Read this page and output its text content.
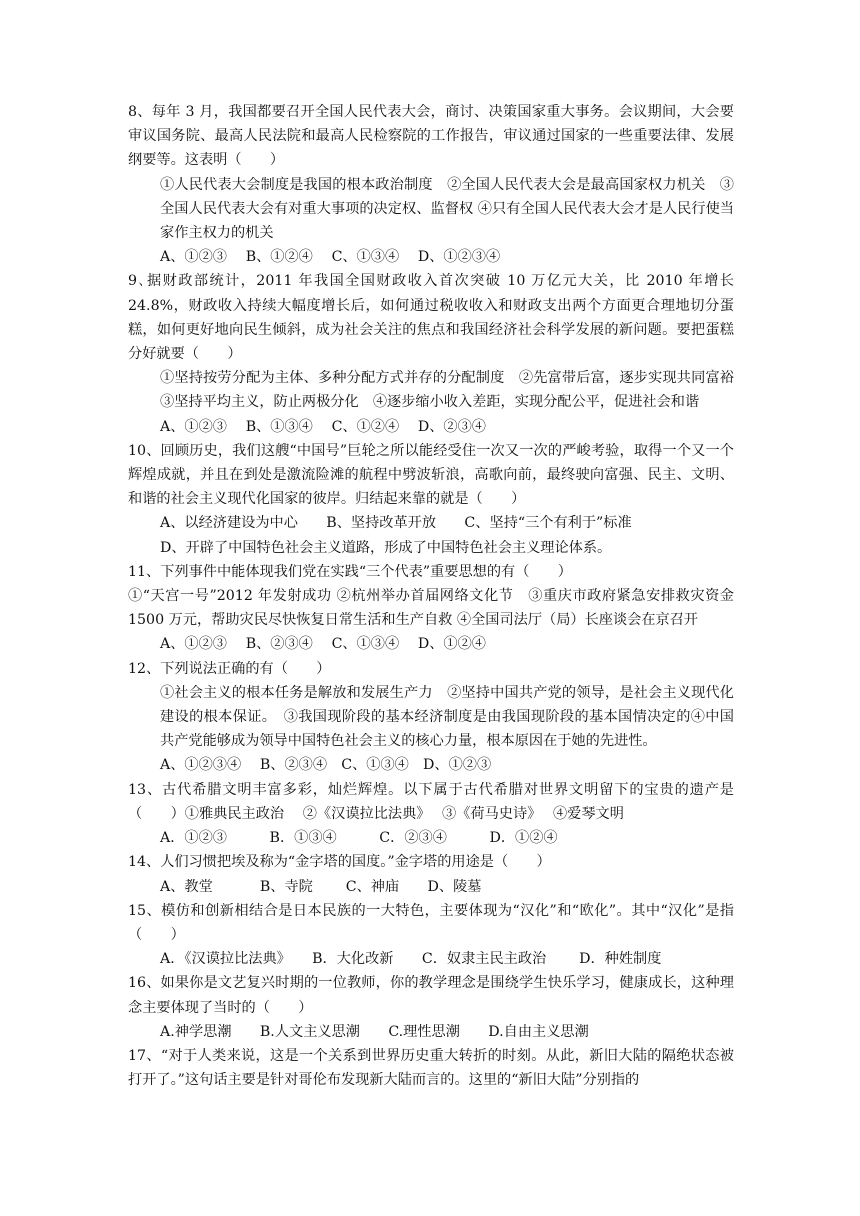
8、每年 3 月，我国都要召开全国人民代表大会，商讨、决策国家重大事务。会议期间，大会要审议国务院、最高人民法院和最高人民检察院的工作报告，审议通过国家的一些重要法律、发展纲要等。这表明（　　）

①人民代表大会制度是我国的根本政治制度　②全国人民代表大会是最高国家权力机关　③全国人民代表大会有对重大事项的决定权、监督权 ④只有全国人民代表大会才是人民行使当家作主权力的机关

A、①②③　 B、①②④　 C、①③④　 D、①②③④

9､据财政部统计，2011 年我国全国财政收入首次突破 10 万亿元大关，比 2010 年增长 24.8%，财政收入持续大幅度增长后，如何通过税收收入和财政支出两个方面更合理地切分蛋糕，如何更好地向民生倾斜，成为社会关注的焦点和我国经济社会科学发展的新问题。要把蛋糕分好就要（　　）

①坚持按劳分配为主体、多种分配方式并存的分配制度　②先富带后富，逐步实现共同富裕　③坚持平均主义，防止两极分化　④逐步缩小收入差距，实现分配公平，促进社会和谐

A、①②③　 B、①③④　 C、①②④　 D、②③④

10、回顾历史，我们这艘“中国号”巨轮之所以能经受住一次又一次的严峻考验，取得一个又一个辉煌成就，并且在到处是激流险滩的航程中劈波斩浪，高歌向前，最终驶向富强、民主、文明、和谐的社会主义现代化国家的彼岸。归结起来靠的就是（　　）

A、以经济建设为中心　　B、坚持改革开放　　C、坚持“三个有利于”标准

D、开辟了中国特色社会主义道路，形成了中国特色社会主义理论体系。

11、下列事件中能体现我们党在实践“三个代表”重要思想的有（　　）

①“天宫一号”2012 年发射成功 ②杭州举办首届网络文化节　③重庆市政府紧急安排救灾资金 1500 万元，帮助灾民尽快恢复日常生活和生产自救 ④全国司法厅（局）长座谈会在京召开

A、①②③　 B、②③④　 C、①③④　 D、①②④

12、下列说法正确的有（　　）

①社会主义的根本任务是解放和发展生产力　②坚持中国共产党的领导，是社会主义现代化建设的根本保证。　③我国现阶段的基本经济制度是由我国现阶段的基本国情决定的④中国共产党能够成为领导中国特色社会主义的核心力量，根本原因在于她的先进性。

A、①②③④　 B、②③④　C、①③④　D、①②③

13、古代希腊文明丰富多彩，灿烂辉煌。以下属于古代希腊对世界文明留下的宝贵的遗产是（　　）①雅典民主政治　 ②《汉谟拉比法典》　 ③《荷马史诗》　 ④爱琴文明

A．①②③　　　B．①③④　　　C．②③④　　　D．①②④

14、人们习惯把埃及称为“金字塔的国度。”金字塔的用途是（　　）

A、教堂　　　 B、寺院　　 C、神庙　　D、陵墓

15、模仿和创新相结合是日本民族的一大特色，主要体现为“汉化”和“欧化”。其中“汉化”是指（　　）

A．《汉谟拉比法典》　　B．大化改新　　C．奴隶主民主政治　　 D．种姓制度

16、如果你是文艺复兴时期的一位教师，你的教学理念是围绕学生快乐学习，健康成长，这种理念主要体现了当时的（　　）

A.神学思潮　　B.人文主义思潮　　C.理性思潮　　D.自由主义思潮

17、“对于人类来说，这是一个关系到世界历史重大转折的时刻。从此，新旧大陆的隔绝状态被打开了。”这句话主要是针对哥伦布发现新大陆而言的。这里的“新旧大陆”分别指的
